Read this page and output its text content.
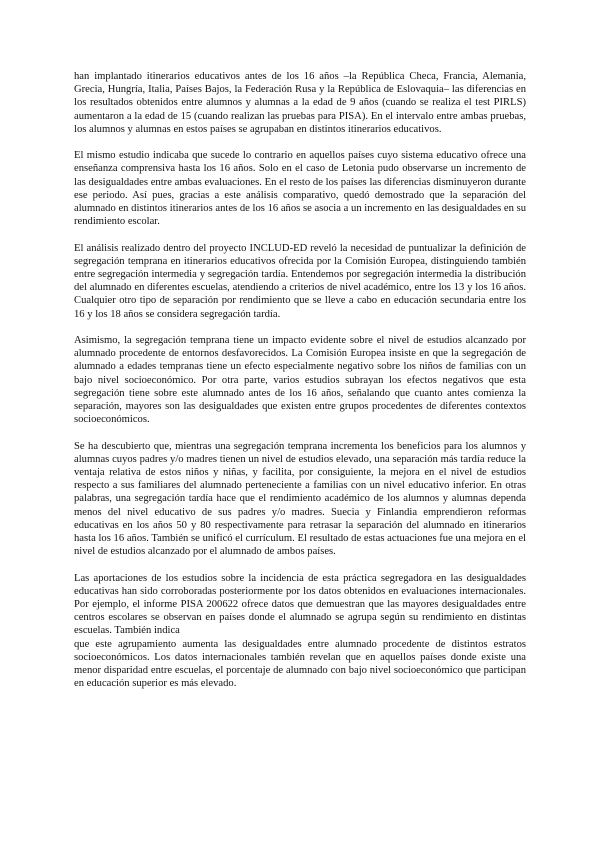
han implantado itinerarios educativos antes de los 16 años –la República Checa, Francia, Alemania, Grecia, Hungría, Italia, Países Bajos, la Federación Rusa y la República de Eslovaquia– las diferencias en los resultados obtenidos entre alumnos y alumnas a la edad de 9 años (cuando se realiza el test PIRLS) aumentaron a la edad de 15 (cuando realizan las pruebas para PISA). En el intervalo entre ambas pruebas, los alumnos y alumnas en estos países se agrupaban en distintos itinerarios educativos.

El mismo estudio indicaba que sucede lo contrario en aquellos países cuyo sistema educativo ofrece una enseñanza comprensiva hasta los 16 años. Solo en el caso de Letonia pudo observarse un incremento de las desigualdades entre ambas evaluaciones. En el resto de los países las diferencias disminuyeron durante ese periodo. Así pues, gracias a este análisis comparativo, quedó demostrado que la separación del alumnado en distintos itinerarios antes de los 16 años se asocia a un incremento en las desigualdades en su rendimiento escolar.

El análisis realizado dentro del proyecto INCLUD-ED reveló la necesidad de puntualizar la definición de segregación temprana en itinerarios educativos ofrecida por la Comisión Europea, distinguiendo también entre segregación intermedia y segregación tardía. Entendemos por segregación intermedia la distribución del alumnado en diferentes escuelas, atendiendo a criterios de nivel académico, entre los 13 y los 16 años. Cualquier otro tipo de separación por rendimiento que se lleve a cabo en educación secundaria entre los 16 y los 18 años se considera segregación tardía.

Asimismo, la segregación temprana tiene un impacto evidente sobre el nivel de estudios alcanzado por alumnado procedente de entornos desfavorecidos. La Comisión Europea insiste en que la segregación de alumnado a edades tempranas tiene un efecto especialmente negativo sobre los niños de familias con un bajo nivel socioeconómico. Por otra parte, varios estudios subrayan los efectos negativos que esta segregación tiene sobre este alumnado antes de los 16 años, señalando que cuanto antes comienza la separación, mayores son las desigualdades que existen entre grupos procedentes de diferentes contextos socioeconómicos.

Se ha descubierto que, mientras una segregación temprana incrementa los beneficios para los alumnos y alumnas cuyos padres y/o madres tienen un nivel de estudios elevado, una separación más tardía reduce la ventaja relativa de estos niños y niñas, y facilita, por consiguiente, la mejora en el nivel de estudios respecto a sus familiares del alumnado perteneciente a familias con un nivel educativo inferior. En otras palabras, una segregación tardía hace que el rendimiento académico de los alumnos y alumnas dependa menos del nivel educativo de sus padres y/o madres. Suecia y Finlandia emprendieron reformas educativas en los años 50 y 80 respectivamente para retrasar la separación del alumnado en itinerarios hasta los 16 años. También se unificó el currículum. El resultado de estas actuaciones fue una mejora en el nivel de estudios alcanzado por el alumnado de ambos países.

Las aportaciones de los estudios sobre la incidencia de esta práctica segregadora en las desigualdades educativas han sido corroboradas posteriormente por los datos obtenidos en evaluaciones internacionales. Por ejemplo, el informe PISA 200622 ofrece datos que demuestran que las mayores desigualdades entre centros escolares se observan en países donde el alumnado se agrupa según su rendimiento en distintas escuelas. También indica
que este agrupamiento aumenta las desigualdades entre alumnado procedente de distintos estratos socioeconómicos. Los datos internacionales también revelan que en aquellos países donde existe una menor disparidad entre escuelas, el porcentaje de alumnado con bajo nivel socioeconómico que participan en educación superior es más elevado.
